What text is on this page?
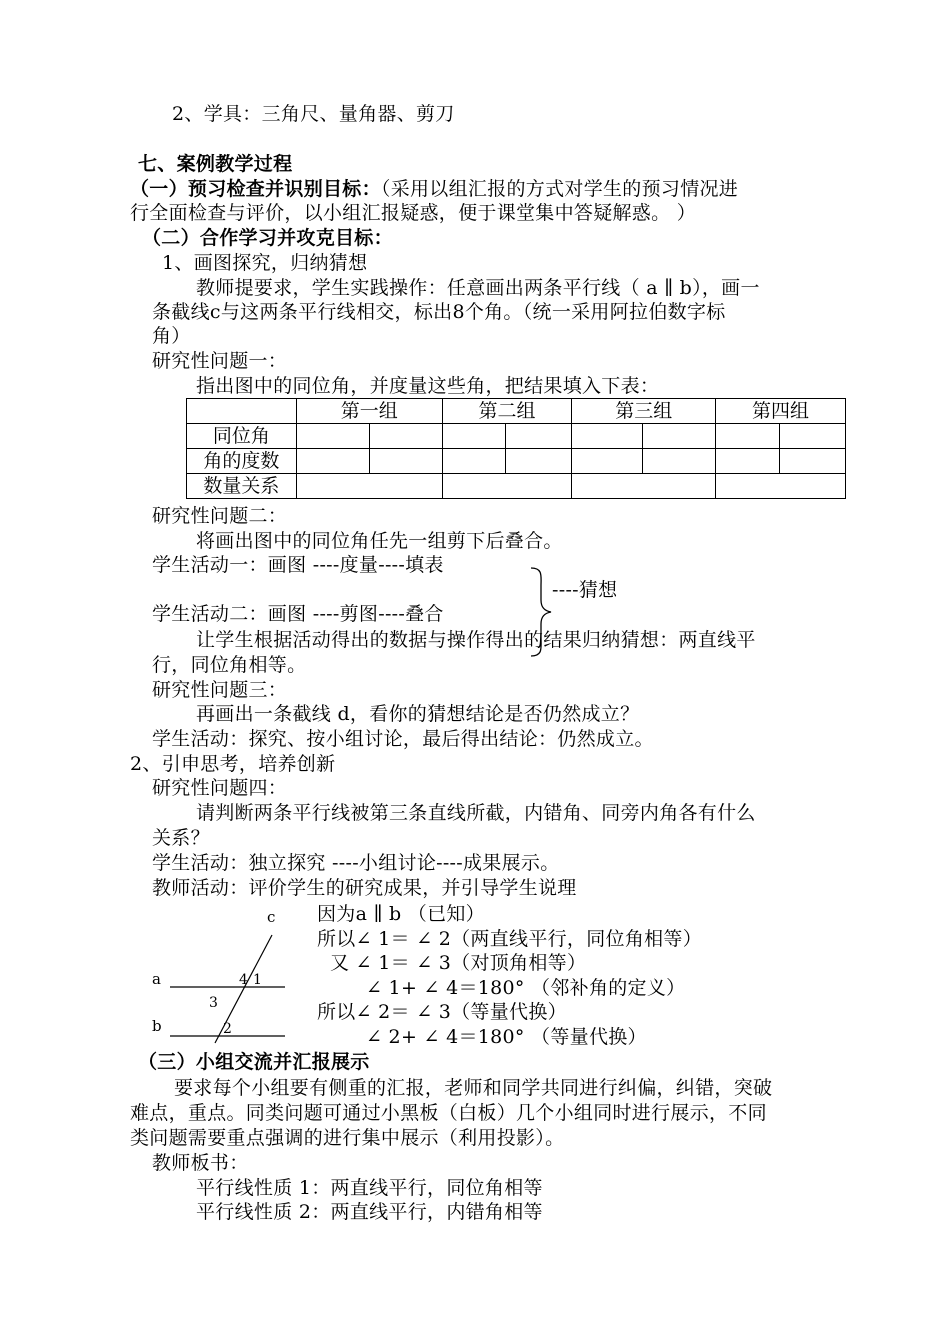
2、学具：三角尺、量角器、剪刀
七、案例教学过程
（一）预习检查并识别目标：（采用以组汇报的方式对学生的预习情况进
行全面检查与评价，以小组汇报疑惑，便于课堂集中答疑解惑。 ）
（二）合作学习并攻克目标：
1、画图探究，归纳猜想
教师提要求，学生实践操作：任意画出两条平行线（ a ∥ b），画一
条截线c与这两条平行线相交，标出8个角。（统一采用阿拉伯数字标
角）
研究性问题一：
指出图中的同位角，并度量这些角，把结果填入下表：
	第一组		第二组		第三组		第四组	
同位角								
角的度数								
数量关系								
研究性问题二：
将画出图中的同位角任先一组剪下后叠合。
学生活动一：画图 ----度量----填表
----猜想
学生活动二：画图 ----剪图----叠合
让学生根据活动得出的数据与操作得出的结果归纳猜想：两直线平
行，同位角相等。
研究性问题三：
再画出一条截线 d，看你的猜想结论是否仍然成立？
学生活动：探究、按小组讨论，最后得出结论：仍然成立。
2、引申思考，培养创新
研究性问题四：
请判断两条平行线被第三条直线所截，内错角、同旁内角各有什么
关系？
学生活动：独立探究 ----小组讨论----成果展示。
教师活动：评价学生的研究成果，并引导学生说理
c
a
b
4 1
3
2
因为a ∥ b （已知）
所以∠ 1＝ ∠ 2（两直线平行，同位角相等）
又 ∠ 1＝ ∠ 3（对顶角相等）
∠ 1+ ∠ 4＝180° （邻补角的定义）
所以∠ 2＝ ∠ 3（等量代换）
∠ 2+ ∠ 4＝180° （等量代换）
（三）小组交流并汇报展示
要求每个小组要有侧重的汇报，老师和同学共同进行纠偏，纠错，突破
难点，重点。同类问题可通过小黑板（白板）几个小组同时进行展示，不同
类问题需要重点强调的进行集中展示（利用投影）。
教师板书：
平行线性质 1：两直线平行，同位角相等
平行线性质 2：两直线平行，内错角相等
